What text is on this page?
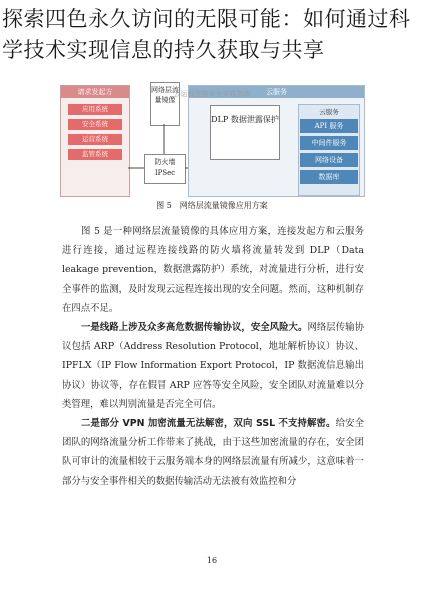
探索四色永久访问的无限可能：如何通过科学技术实现信息的持久获取与共享
请求发起方
应用系统
安全系统
运营系统
监管系统
网络层流量镜像
防火墙 IPSec
云服务
云服务
API 服务
中间件服务
网络设备
数据库
DLP 数据泄露保护
云运程连接安全实践指南
图 5　网络层流量镜像应用方案

图 5 是一种网络层流量镜像的具体应用方案，连接发起方和云服务进行连接，通过远程连接线路的防火墙将流量转发到 DLP（Data leakage prevention，数据泄露防护）系统，对流量进行分析，进行安全事件的监测，及时发现云远程连接出现的安全问题。然而，这种机制存在四点不足。

一是线路上涉及众多高危数据传输协议，安全风险大。网络层传输协议包括 ARP（Address Resolution Protocol，地址解析协议）协议、IPFLX（IP Flow Information Export Protocol，IP 数据流信息输出协议）协议等，存在假冒 ARP 应答等安全风险，安全团队对流量难以分类管理，难以判别流量是否完全可信。

二是部分 VPN 加密流量无法解密，双向 SSL 不支持解密。给安全团队的网络流量分析工作带来了挑战，由于这些加密流量的存在，安全团队可审计的流量相较于云服务端本身的网络层流量有所减少，这意味着一部分与安全事件相关的数据传输活动无法被有效监控和分

16
